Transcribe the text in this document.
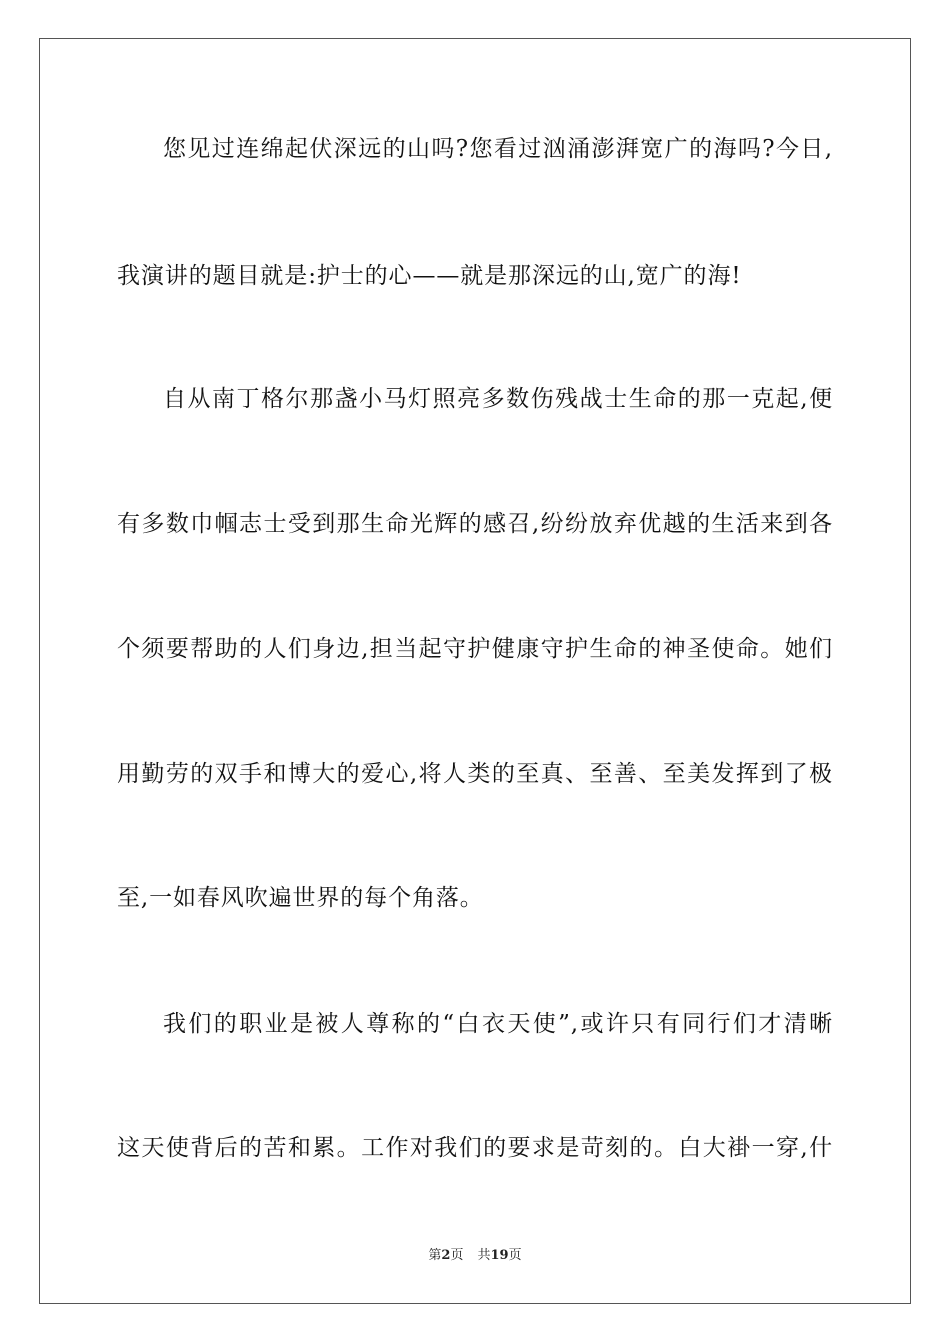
您见过连绵起伏深远的山吗?您看过汹涌澎湃宽广的海吗?今日,
我演讲的题目就是:护士的心——就是那深远的山,宽广的海!
自从南丁格尔那盏小马灯照亮多数伤残战士生命的那一克起,便
有多数巾帼志士受到那生命光辉的感召,纷纷放弃优越的生活来到各
个须要帮助的人们身边,担当起守护健康守护生命的神圣使命。她们
用勤劳的双手和博大的爱心,将人类的至真、至善、至美发挥到了极
至,一如春风吹遍世界的每个角落。
我们的职业是被人尊称的“白衣天使”,或许只有同行们才清晰
这天使背后的苦和累。工作对我们的要求是苛刻的。白大褂一穿,什
第2页 共19页
